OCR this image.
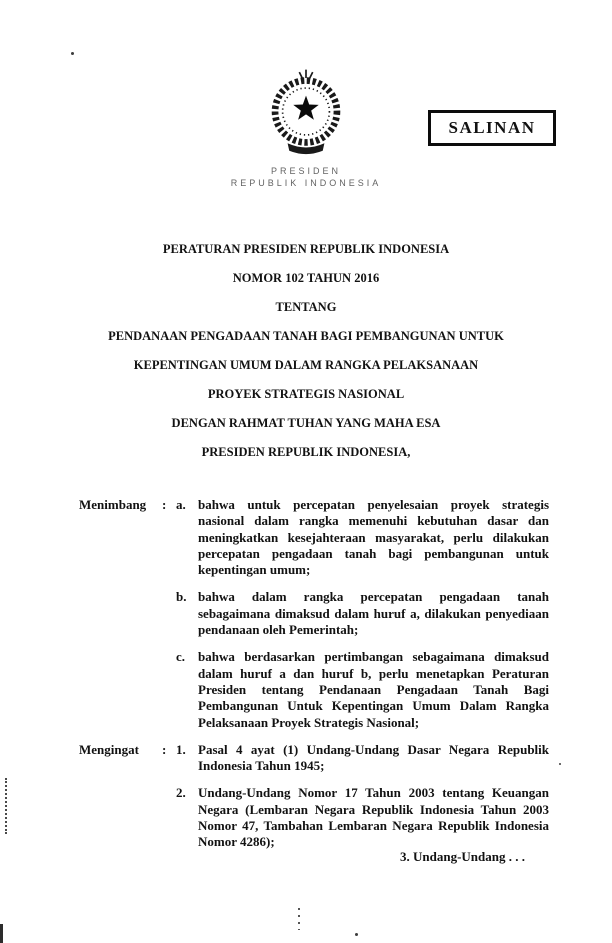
SALINAN
PRESIDEN
REPUBLIK INDONESIA
PERATURAN PRESIDEN REPUBLIK INDONESIA
NOMOR 102 TAHUN 2016
TENTANG
PENDANAAN PENGADAAN TANAH BAGI PEMBANGUNAN UNTUK
KEPENTINGAN UMUM DALAM RANGKA PELAKSANAAN
PROYEK STRATEGIS NASIONAL
DENGAN RAHMAT TUHAN YANG MAHA ESA
PRESIDEN REPUBLIK INDONESIA,
Menimbang	: a. bahwa untuk percepatan penyelesaian proyek strategis nasional dalam rangka memenuhi kebutuhan dasar dan meningkatkan kesejahteraan masyarakat, perlu dilakukan percepatan pengadaan tanah bagi pembangunan untuk kepentingan umum;
b. bahwa dalam rangka percepatan pengadaan tanah sebagaimana dimaksud dalam huruf a, dilakukan penyediaan pendanaan oleh Pemerintah;
c. bahwa berdasarkan pertimbangan sebagaimana dimaksud dalam huruf a dan huruf b, perlu menetapkan Peraturan Presiden tentang Pendanaan Pengadaan Tanah Bagi Pembangunan Untuk Kepentingan Umum Dalam Rangka Pelaksanaan Proyek Strategis Nasional;
Mengingat	: 1. Pasal 4 ayat (1) Undang-Undang Dasar Negara Republik Indonesia Tahun 1945;
2. Undang-Undang Nomor 17 Tahun 2003 tentang Keuangan Negara (Lembaran Negara Republik Indonesia Tahun 2003 Nomor 47, Tambahan Lembaran Negara Republik Indonesia Nomor 4286);
3. Undang-Undang . . .
